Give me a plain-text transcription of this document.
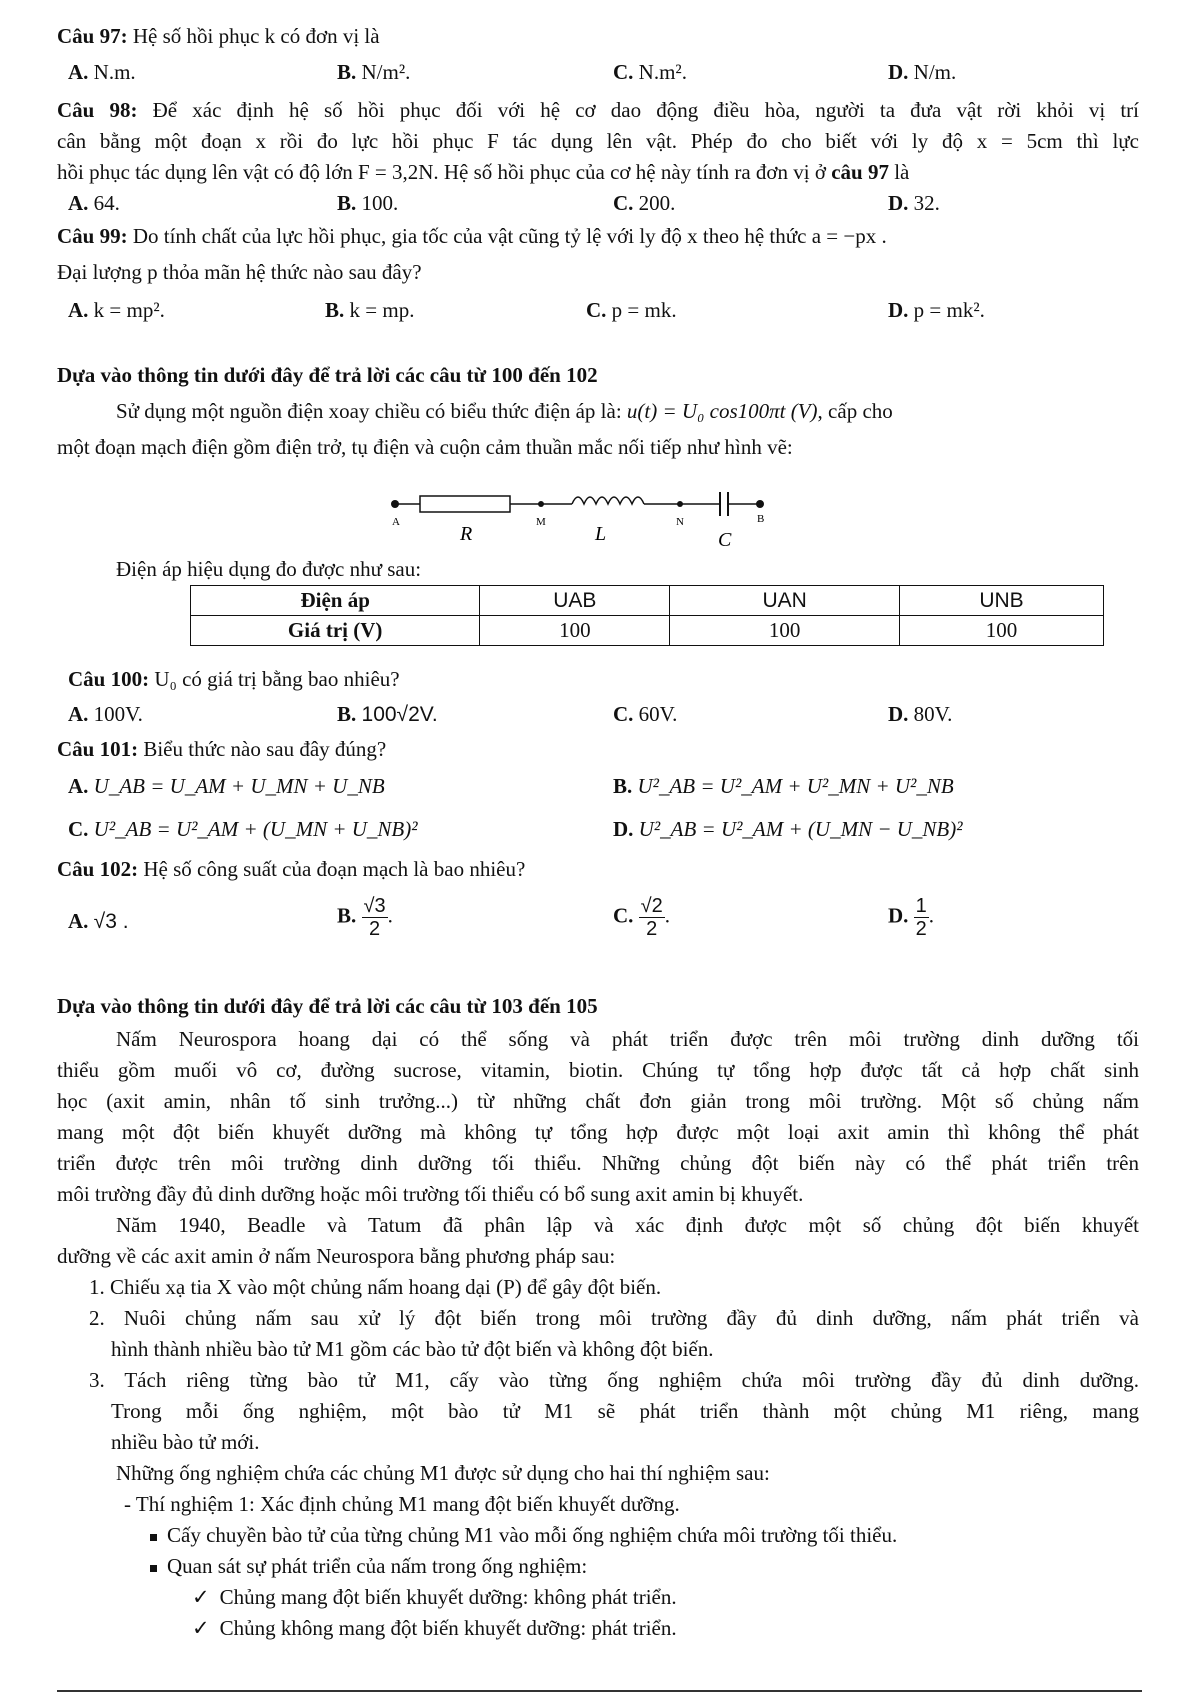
Câu 97: Hệ số hồi phục k có đơn vị là
A. N.m.	B. N/m².	C. N.m².	D. N/m.
Câu 98: Để xác định hệ số hồi phục đối với hệ cơ dao động điều hòa, người ta đưa vật rời khỏi vị trí
cân bằng một đoạn x rồi đo lực hồi phục F tác dụng lên vật. Phép đo cho biết với ly độ x = 5cm thì lực
hồi phục tác dụng lên vật có độ lớn F = 3,2N. Hệ số hồi phục của cơ hệ này tính ra đơn vị ở câu 97 là
A. 64.	B. 100.	C. 200.	D. 32.
Câu 99: Do tính chất của lực hồi phục, gia tốc của vật cũng tỷ lệ với ly độ x theo hệ thức a = −px .
Đại lượng p thỏa mãn hệ thức nào sau đây?
A. k = mp².	B. k = mp.	C. p = mk.	D. p = mk².
Dựa vào thông tin dưới đây để trả lời các câu từ 100 đến 102
Sử dụng một nguồn điện xoay chiều có biểu thức điện áp là: u(t) = U₀ cos100πt (V), cấp cho
một đoạn mạch điện gồm điện trở, tụ điện và cuộn cảm thuần mắc nối tiếp như hình vẽ:
A	M	N	B
R	L	C
Điện áp hiệu dụng đo được như sau:
Điện áp	UAB	UAN	UNB
Giá trị (V)	100	100	100
Câu 100: U₀ có giá trị bằng bao nhiêu?
A. 100V.	B. 100√2V.	C. 60V.	D. 80V.
Câu 101: Biểu thức nào sau đây đúng?
A. U_AB = U_AM + U_MN + U_NB	B. U²_AB = U²_AM + U²_MN + U²_NB
C. U²_AB = U²_AM + (U_MN + U_NB)²	D. U²_AB = U²_AM + (U_MN − U_NB)²
Câu 102: Hệ số công suất của đoạn mạch là bao nhiêu?
A. √3 .	B. $\frac{√3}{2}$ .	C. $\frac{√2}{2}$ .	D. $\frac{1}{2}$ .
Dựa vào thông tin dưới đây để trả lời các câu từ 103 đến 105
Nấm Neurospora hoang dại có thể sống và phát triển được trên môi trường dinh dưỡng tối
thiểu gồm muối vô cơ, đường sucrose, vitamin, biotin. Chúng tự tổng hợp được tất cả hợp chất sinh
học (axit amin, nhân tố sinh trưởng...) từ những chất đơn giản trong môi trường. Một số chủng nấm
mang một đột biến khuyết dưỡng mà không tự tổng hợp được một loại axit amin thì không thể phát
triển được trên môi trường dinh dưỡng tối thiểu. Những chủng đột biến này có thể phát triển trên
môi trường đầy đủ dinh dưỡng hoặc môi trường tối thiểu có bổ sung axit amin bị khuyết.
Năm 1940, Beadle và Tatum đã phân lập và xác định được một số chủng đột biến khuyết
dưỡng về các axit amin ở nấm Neurospora bằng phương pháp sau:
1. Chiếu xạ tia X vào một chủng nấm hoang dại (P) để gây đột biến.
2. Nuôi chủng nấm sau xử lý đột biến trong môi trường đầy đủ dinh dưỡng, nấm phát triển và
hình thành nhiều bào tử M1 gồm các bào tử đột biến và không đột biến.
3. Tách riêng từng bào tử M1, cấy vào từng ống nghiệm chứa môi trường đầy đủ dinh dưỡng.
Trong mỗi ống nghiệm, một bào tử M1 sẽ phát triển thành một chủng M1 riêng, mang
nhiều bào tử mới.
Những ống nghiệm chứa các chủng M1 được sử dụng cho hai thí nghiệm sau:
- Thí nghiệm 1: Xác định chủng M1 mang đột biến khuyết dưỡng.
Cấy chuyền bào tử của từng chủng M1 vào mỗi ống nghiệm chứa môi trường tối thiểu.
Quan sát sự phát triển của nấm trong ống nghiệm:
✓ Chủng mang đột biến khuyết dưỡng: không phát triển.
✓ Chủng không mang đột biến khuyết dưỡng: phát triển.
